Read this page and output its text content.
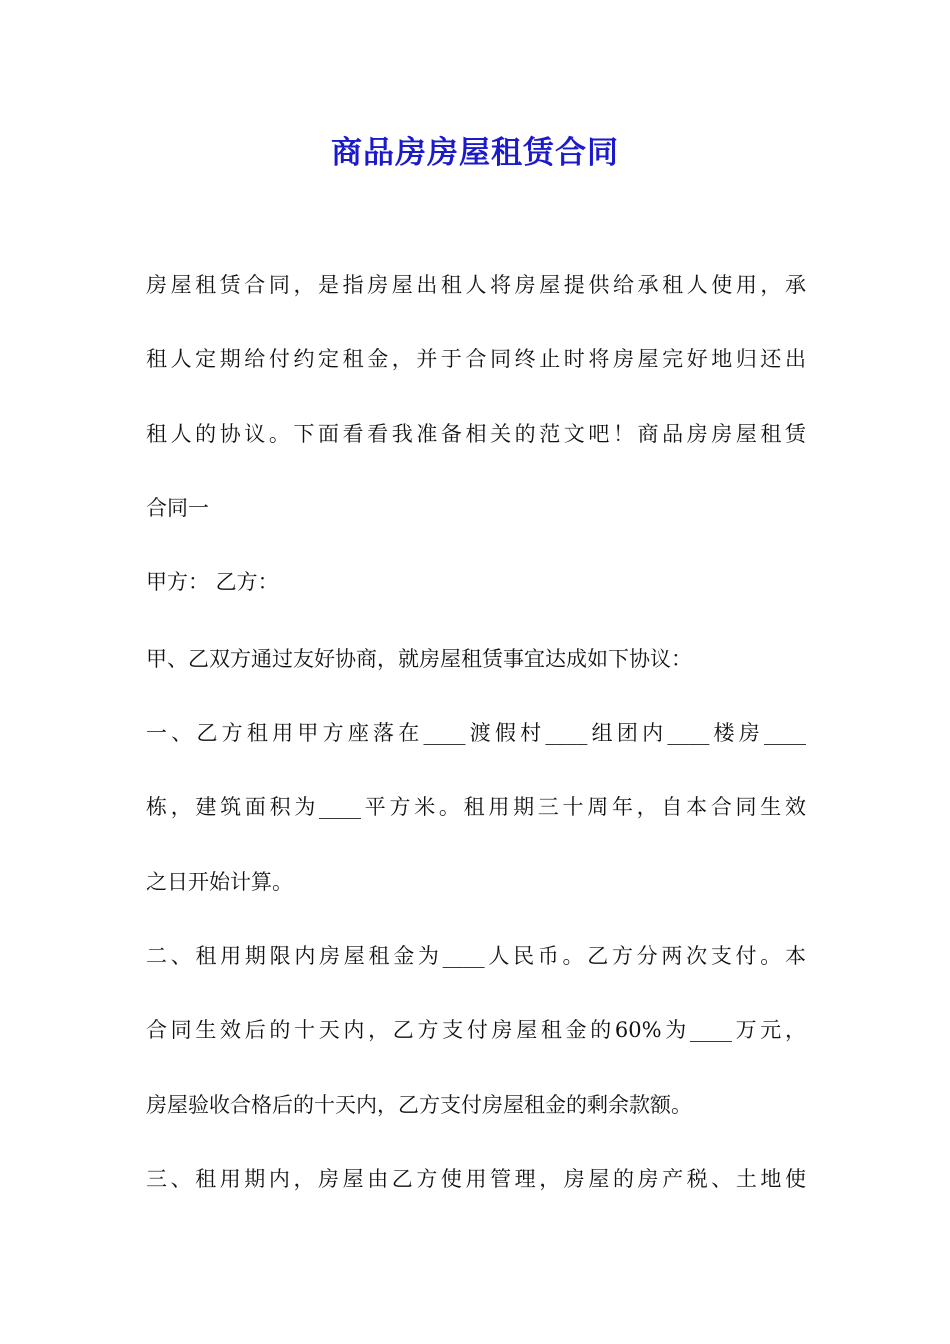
商品房房屋租赁合同
房屋租赁合同，是指房屋出租人将房屋提供给承租人使用，承
租人定期给付约定租金，并于合同终止时将房屋完好地归还出
租人的协议。下面看看我准备相关的范文吧！商品房房屋租赁
合同一
甲方： 乙方：
甲、乙双方通过友好协商，就房屋租赁事宜达成如下协议：
一、乙方租用甲方座落在____渡假村____组团内____楼房____
栋，建筑面积为____平方米。租用期三十周年，自本合同生效
之日开始计算。
二、租用期限内房屋租金为____人民币。乙方分两次支付。本
合同生效后的十天内，乙方支付房屋租金的60%为____万元，
房屋验收合格后的十天内，乙方支付房屋租金的剩余款额。
三、租用期内，房屋由乙方使用管理，房屋的房产税、土地使
